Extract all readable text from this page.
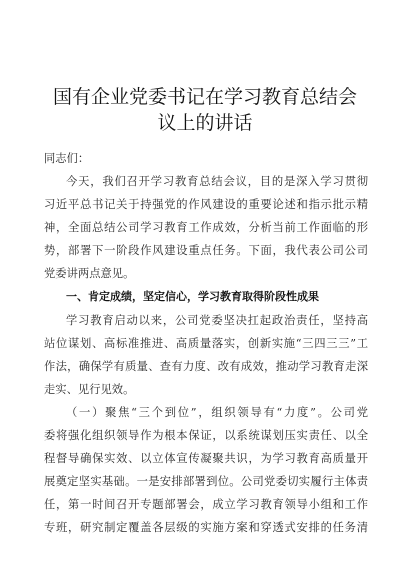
国有企业党委书记在学习教育总结会
议上的讲话
同志们：
今天，我们召开学习教育总结会议，目的是深入学习贯彻
习近平总书记关于持强党的作风建设的重要论述和指示批示精
神，全面总结公司学习教育工作成效，分析当前工作面临的形
势，部署下一阶段作风建设重点任务。下面，我代表公司公司
党委讲两点意见。
一、肯定成绩，坚定信心，学习教育取得阶段性成果
学习教育启动以来，公司党委坚决扛起政治责任，坚持高
站位谋划、高标准推进、高质量落实，创新实施“三四三三”工
作法，确保学有质量、查有力度、改有成效，推动学习教育走深
走实、见行见效。
（一）聚焦“三个到位”，组织领导有“力度”。公司党
委将强化组织领导作为根本保证，以系统谋划压实责任、以全
程督导确保实效、以立体宣传凝聚共识，为学习教育高质量开
展奠定坚实基础。一是安排部署到位。公司党委切实履行主体责
任，第一时间召开专题部署会，成立学习教育领导小组和工作
专班，研究制定覆盖各层级的实施方案和穿透式安排的任务清
